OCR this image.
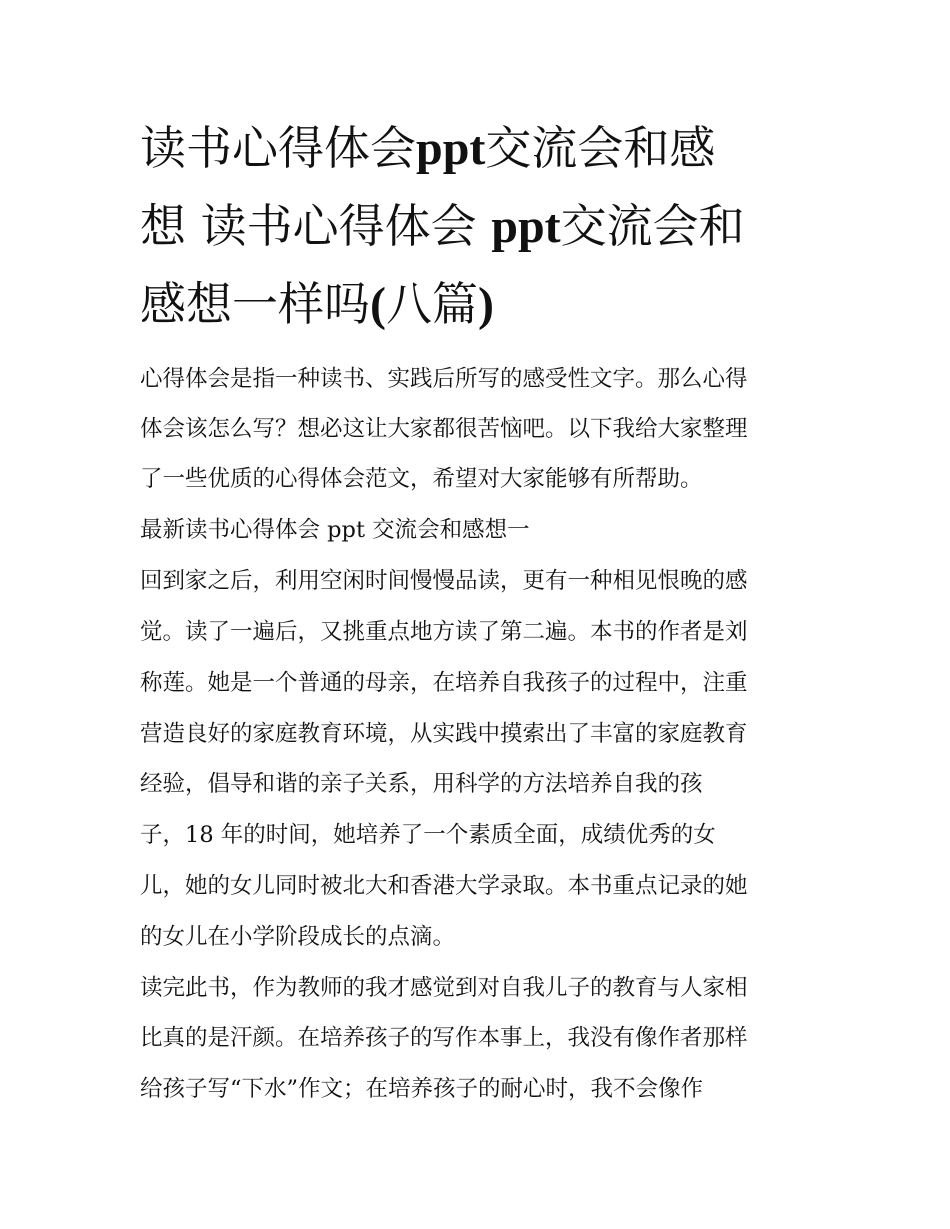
读书心得体会ppt交流会和感
想 读书心得体会 ppt交流会和
感想一样吗(八篇)
心得体会是指一种读书、实践后所写的感受性文字。那么心得
体会该怎么写？想必这让大家都很苦恼吧。以下我给大家整理
了一些优质的心得体会范文，希望对大家能够有所帮助。
最新读书心得体会 ppt 交流会和感想一
回到家之后，利用空闲时间慢慢品读，更有一种相见恨晚的感
觉。读了一遍后，又挑重点地方读了第二遍。本书的作者是刘
称莲。她是一个普通的母亲，在培养自我孩子的过程中，注重
营造良好的家庭教育环境，从实践中摸索出了丰富的家庭教育
经验，倡导和谐的亲子关系，用科学的方法培养自我的孩
子，18 年的时间，她培养了一个素质全面，成绩优秀的女
儿，她的女儿同时被北大和香港大学录取。本书重点记录的她
的女儿在小学阶段成长的点滴。
读完此书，作为教师的我才感觉到对自我儿子的教育与人家相
比真的是汗颜。在培养孩子的写作本事上，我没有像作者那样
给孩子写“下水”作文；在培养孩子的耐心时，我不会像作
